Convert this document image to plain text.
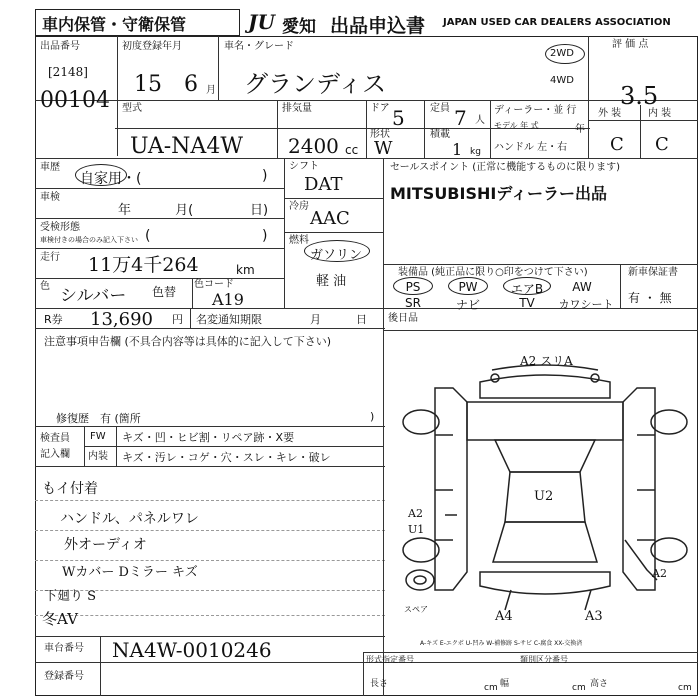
車内保管・守衛保管	JU 愛知 出品申込書 JAPAN USED CAR DEALERS ASSOCIATION
出品番号
[2148]
00104
初度登録年月
15 6 月
車名・グレード
グランディス
2WD
4WD
評 価 点
3.5
型式
UA-NA4W
排気量
2400 cc
ドア 5
形状
W
定員 7 人
積載
1 kg
ディーラー・並 行
モデル 年 式	年
ハンドル 左・右
外 装	内 装
C C
車歴
自家用・(	)
車検
年 月(	日)
受検形態
車検付きの場合のみ記入下さい (	)
走行 11万4千264	km
色 シルバー 色替
色コード
A19
R券 13,690 円 名変通知期限	月	日
シフト
DAT
冷房
AAC
燃料
ガソリン
軽 油
セールスポイント (正常に機能するものに限ります)
MITSUBISHIディーラー出品
装備品 (純正品に限り○印をつけて下さい)	新車保証書
有 ・ 無
PS	PW	エアB	AW
SR	ナビ	TV	カワシート
後日品
注意事項申告欄 (不具合内容等は具体的に記入して下さい)
修復歴　有 (箇所	)
検査員
記入欄
FW キズ・凹・ヒビ割・リペア跡・X要
内装 キズ・汚レ・コゲ・穴・スレ・キレ・破レ
もイ付着
ハンドル、パネルワレ
外オーディオ
Wカバー Dミラー キズ
下廻り S
冬AV
車台番号 NA4W-0010246
登録番号
形式指定番号	類別区分番号
長さ	幅	高さ
cm	cm	cm
A2 スリA
U2
A2
U1
A2
A4	A3
スペア
A-キズ E-エクボ U-凹み W-補修跡 S-サビ C-腐食 XX-交換済
